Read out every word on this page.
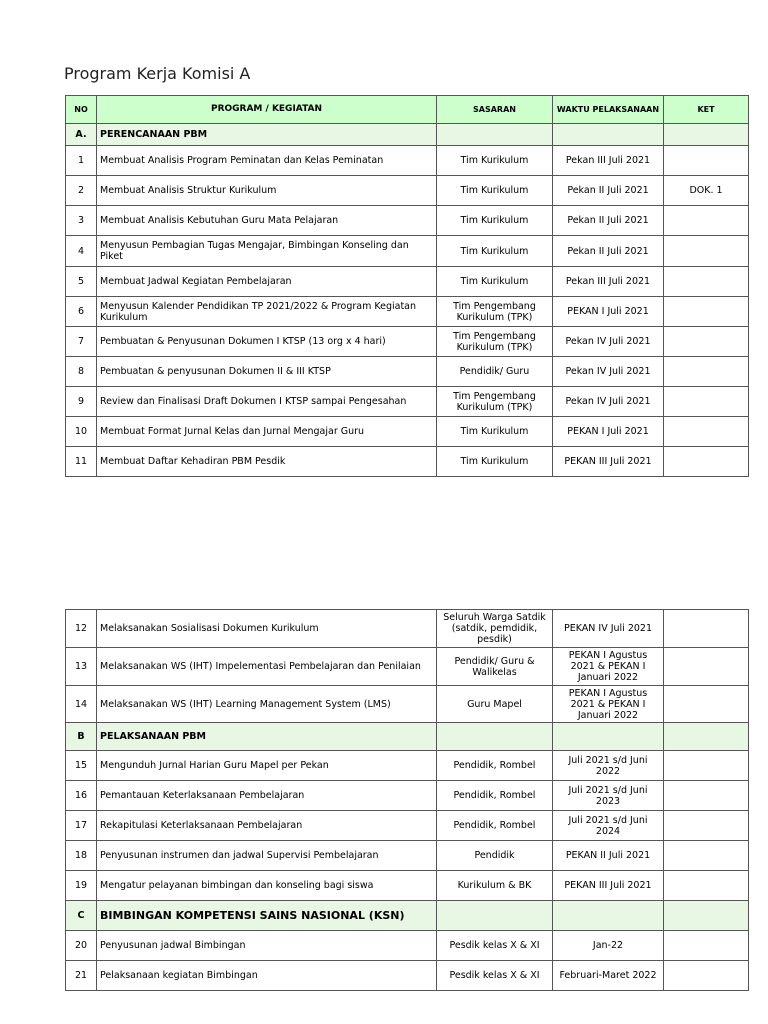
Program Kerja Komisi A
NO	PROGRAM / KEGIATAN	SASARAN	WAKTU PELAKSANAAN	KET
A.	PERENCANAAN PBM			
1	Membuat Analisis Program Peminatan dan Kelas Peminatan	Tim Kurikulum	Pekan III Juli 2021	
2	Membuat Analisis Struktur Kurikulum	Tim Kurikulum	Pekan II Juli 2021	DOK. 1
3	Membuat Analisis Kebutuhan Guru Mata Pelajaran	Tim Kurikulum	Pekan II Juli 2021	
4	Menyusun Pembagian Tugas Mengajar, Bimbingan Konseling dan Piket	Tim Kurikulum	Pekan II Juli 2021	
5	Membuat Jadwal Kegiatan Pembelajaran	Tim Kurikulum	Pekan III Juli 2021	
6	Menyusun Kalender Pendidikan TP 2021/2022 & Program Kegiatan Kurikulum	Tim Pengembang Kurikulum (TPK)	PEKAN I Juli 2021	
7	Pembuatan & Penyusunan Dokumen I KTSP (13 org x 4 hari)	Tim Pengembang Kurikulum (TPK)	Pekan IV Juli 2021	
8	Pembuatan & penyusunan Dokumen II & III KTSP	Pendidik/ Guru	Pekan IV Juli 2021	
9	Review dan Finalisasi Draft Dokumen I KTSP sampai Pengesahan	Tim Pengembang Kurikulum (TPK)	Pekan IV Juli 2021	
10	Membuat Format Jurnal Kelas dan Jurnal Mengajar Guru	Tim Kurikulum	PEKAN I Juli 2021	
11	Membuat Daftar Kehadiran PBM Pesdik	Tim Kurikulum	PEKAN III Juli 2021	
12	Melaksanakan Sosialisasi Dokumen Kurikulum	Seluruh Warga Satdik (satdik, pemdidik, pesdik)	PEKAN IV Juli 2021	
13	Melaksanakan WS (IHT) Impelementasi Pembelajaran dan Penilaian	Pendidik/ Guru & Walikelas	PEKAN I Agustus 2021 & PEKAN I Januari 2022	
14	Melaksanakan WS (IHT) Learning Management System (LMS)	Guru Mapel	PEKAN I Agustus 2021 & PEKAN I Januari 2022	
B	PELAKSANAAN PBM			
15	Mengunduh Jurnal Harian Guru Mapel per Pekan	Pendidik, Rombel	Juli 2021 s/d Juni 2022	
16	Pemantauan Keterlaksanaan Pembelajaran	Pendidik, Rombel	Juli 2021 s/d Juni 2023	
17	Rekapitulasi Keterlaksanaan Pembelajaran	Pendidik, Rombel	Juli 2021 s/d Juni 2024	
18	Penyusunan instrumen dan jadwal Supervisi Pembelajaran	Pendidik	PEKAN II Juli 2021	
19	Mengatur pelayanan bimbingan dan konseling bagi siswa	Kurikulum & BK	PEKAN III Juli 2021	
C	BIMBINGAN KOMPETENSI SAINS NASIONAL (KSN)			
20	Penyusunan jadwal Bimbingan	Pesdik kelas X & XI	Jan-22	
21	Pelaksanaan kegiatan Bimbingan	Pesdik kelas X & XI	Februari-Maret 2022	
